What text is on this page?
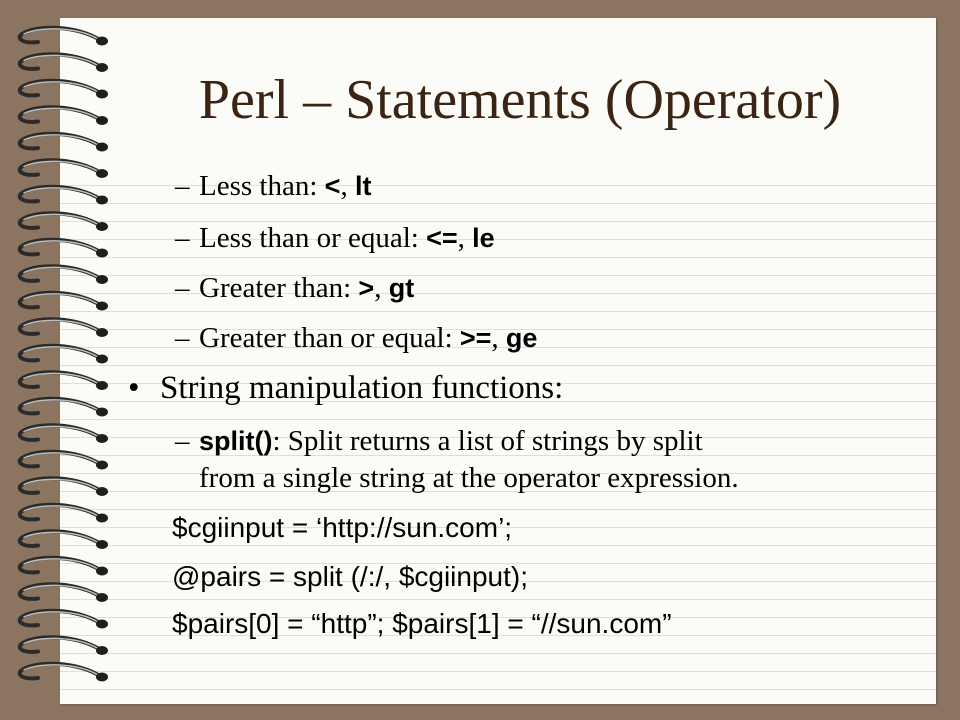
Perl – Statements (Operator)
– Less than: <, lt
– Less than or equal: <=, le
– Greater than: >, gt
– Greater than or equal: >=, ge
• String manipulation functions:
– split(): Split returns a list of strings by split
from a single string at the operator expression.
$cgiinput = ‘http://sun.com’;
@pairs = split (/:/, $cgiinput);
$pairs[0] = “http”; $pairs[1] = “//sun.com”
